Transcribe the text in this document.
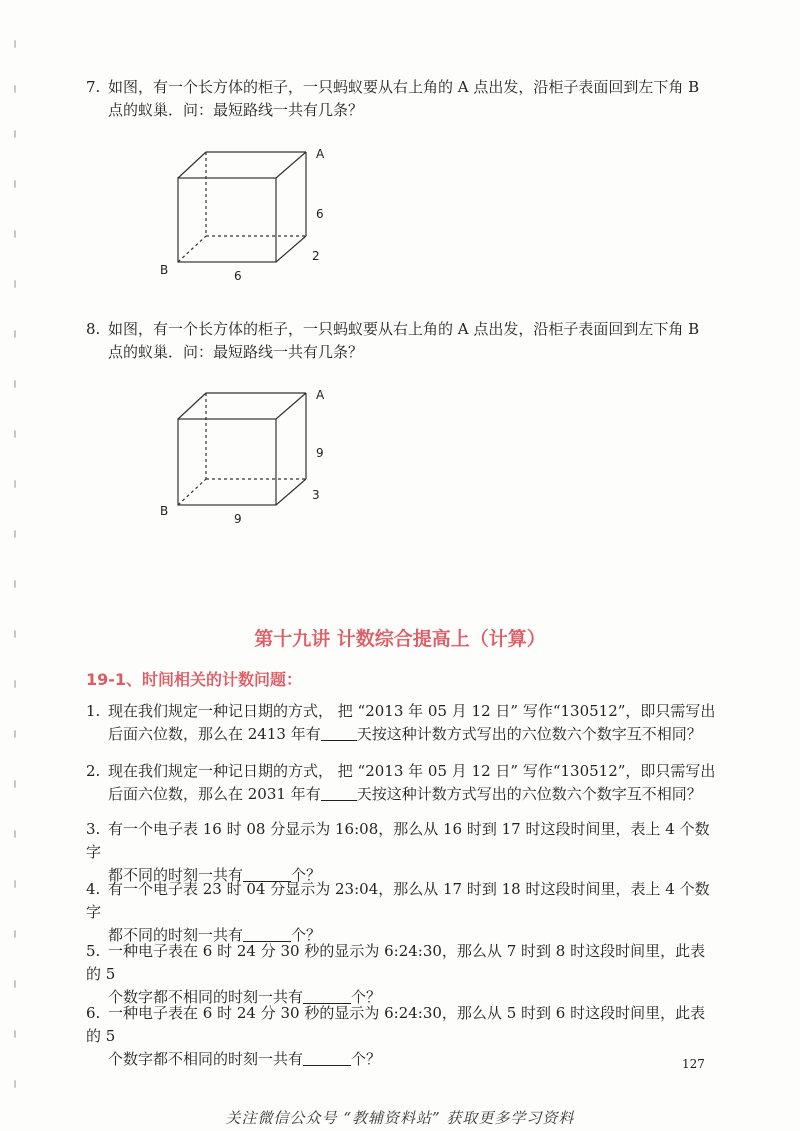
7. 如图，有一个长方体的柜子，一只蚂蚁要从右上角的 A 点出发，沿柜子表面回到左下角 B
点的蚁巢．问：最短路线一共有几条？
A
B
6
2
6
8. 如图，有一个长方体的柜子，一只蚂蚁要从右上角的 A 点出发，沿柜子表面回到左下角 B
点的蚁巢．问：最短路线一共有几条？
A
B
9
3
9
第十九讲 计数综合提高上（计算）
19-1、时间相关的计数问题：
1. 现在我们规定一种记日期的方式， 把 “2013 年 05 月 12 日” 写作“130512”，即只需写出
后面六位数，那么在 2413 年有 天按这种计数方式写出的六位数六个数字互不相同？
2. 现在我们规定一种记日期的方式， 把 “2013 年 05 月 12 日” 写作“130512”，即只需写出
后面六位数，那么在 2031 年有 天按这种计数方式写出的六位数六个数字互不相同？
3. 有一个电子表 16 时 08 分显示为 16:08，那么从 16 时到 17 时这段时间里，表上 4 个数字
都不同的时刻一共有	个？
4. 有一个电子表 23 时 04 分显示为 23:04，那么从 17 时到 18 时这段时间里，表上 4 个数字
都不同的时刻一共有	个？
5. 一种电子表在 6 时 24 分 30 秒的显示为 6:24:30，那么从 7 时到 8 时这段时间里，此表的 5
个数字都不相同的时刻一共有	个？
6. 一种电子表在 6 时 24 分 30 秒的显示为 6:24:30，那么从 5 时到 6 时这段时间里，此表的 5
个数字都不相同的时刻一共有	个？	127
关注微信公众号 “教辅资料站” 获取更多学习资料
